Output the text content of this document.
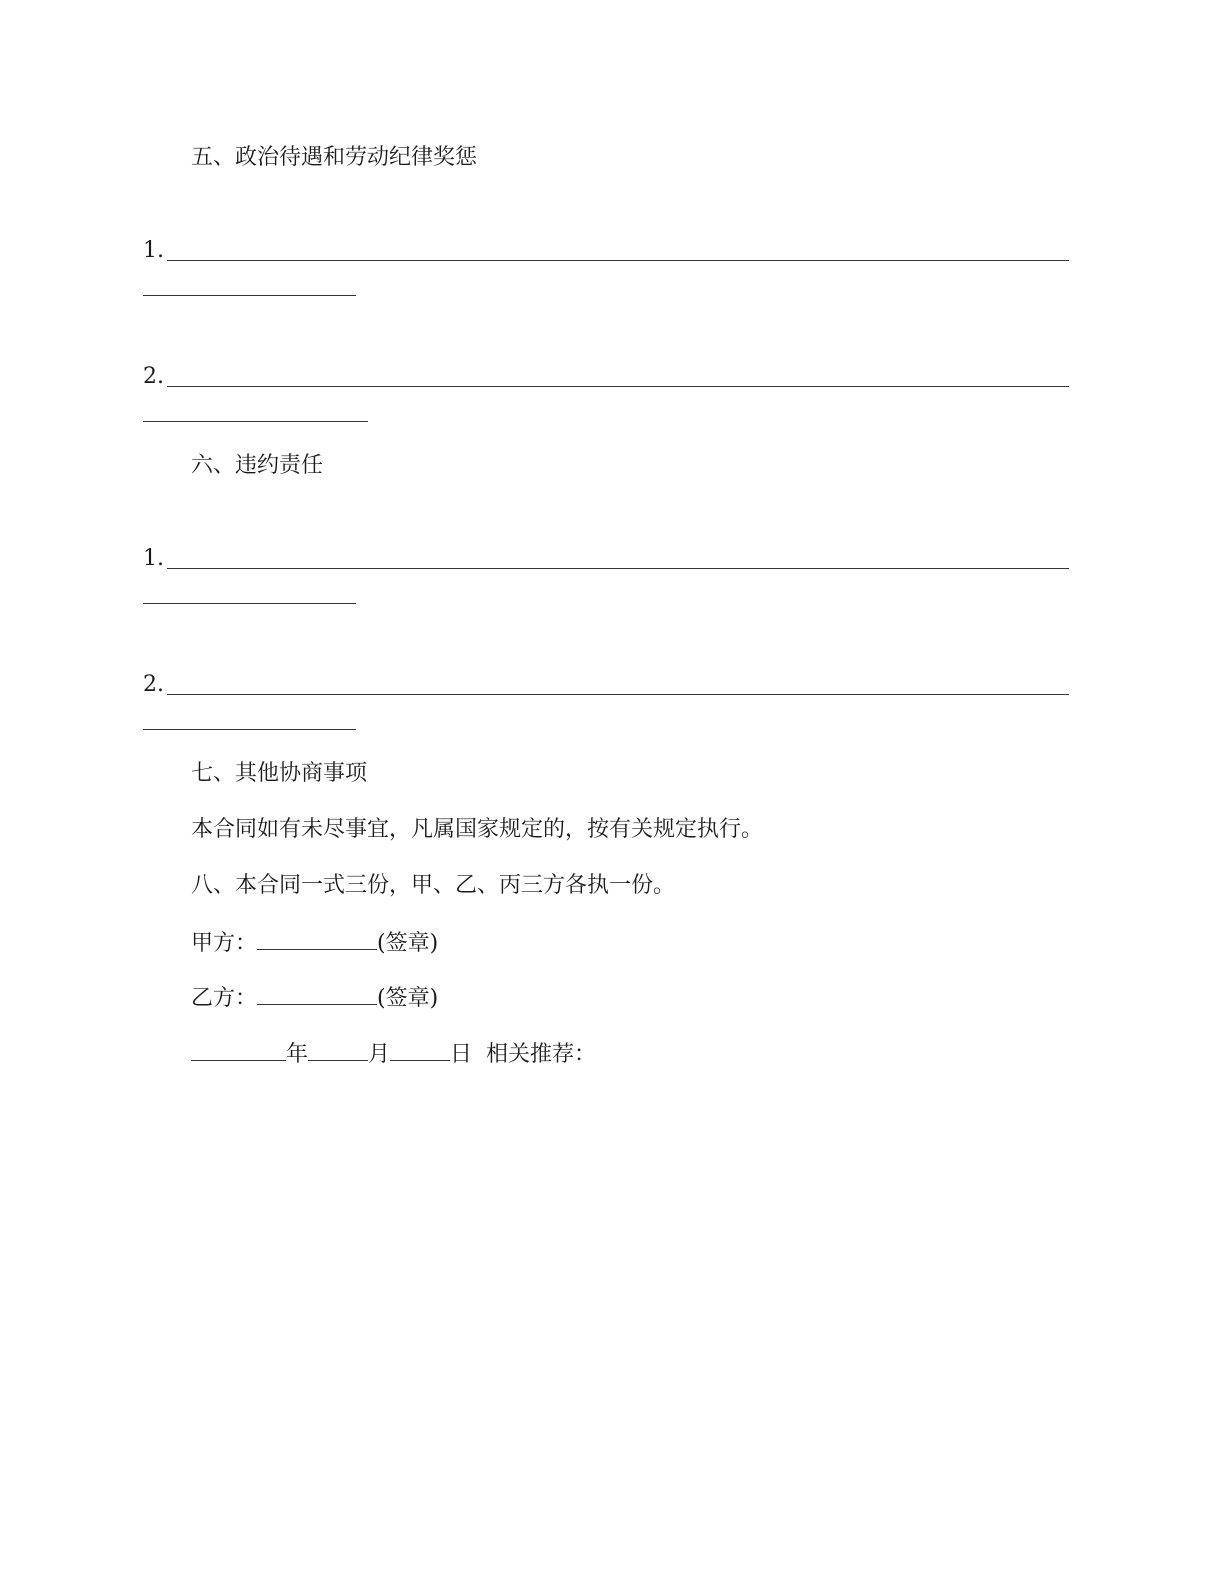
五、政治待遇和劳动纪律奖惩
1.
2.
六、违约责任
1.
2.
七、其他协商事项
本合同如有未尽事宜，凡属国家规定的，按有关规定执行。
八、本合同一式三份，甲、乙、丙三方各执一份。
甲方：	(签章)
乙方：	(签章)
年	月	日 相关推荐：
